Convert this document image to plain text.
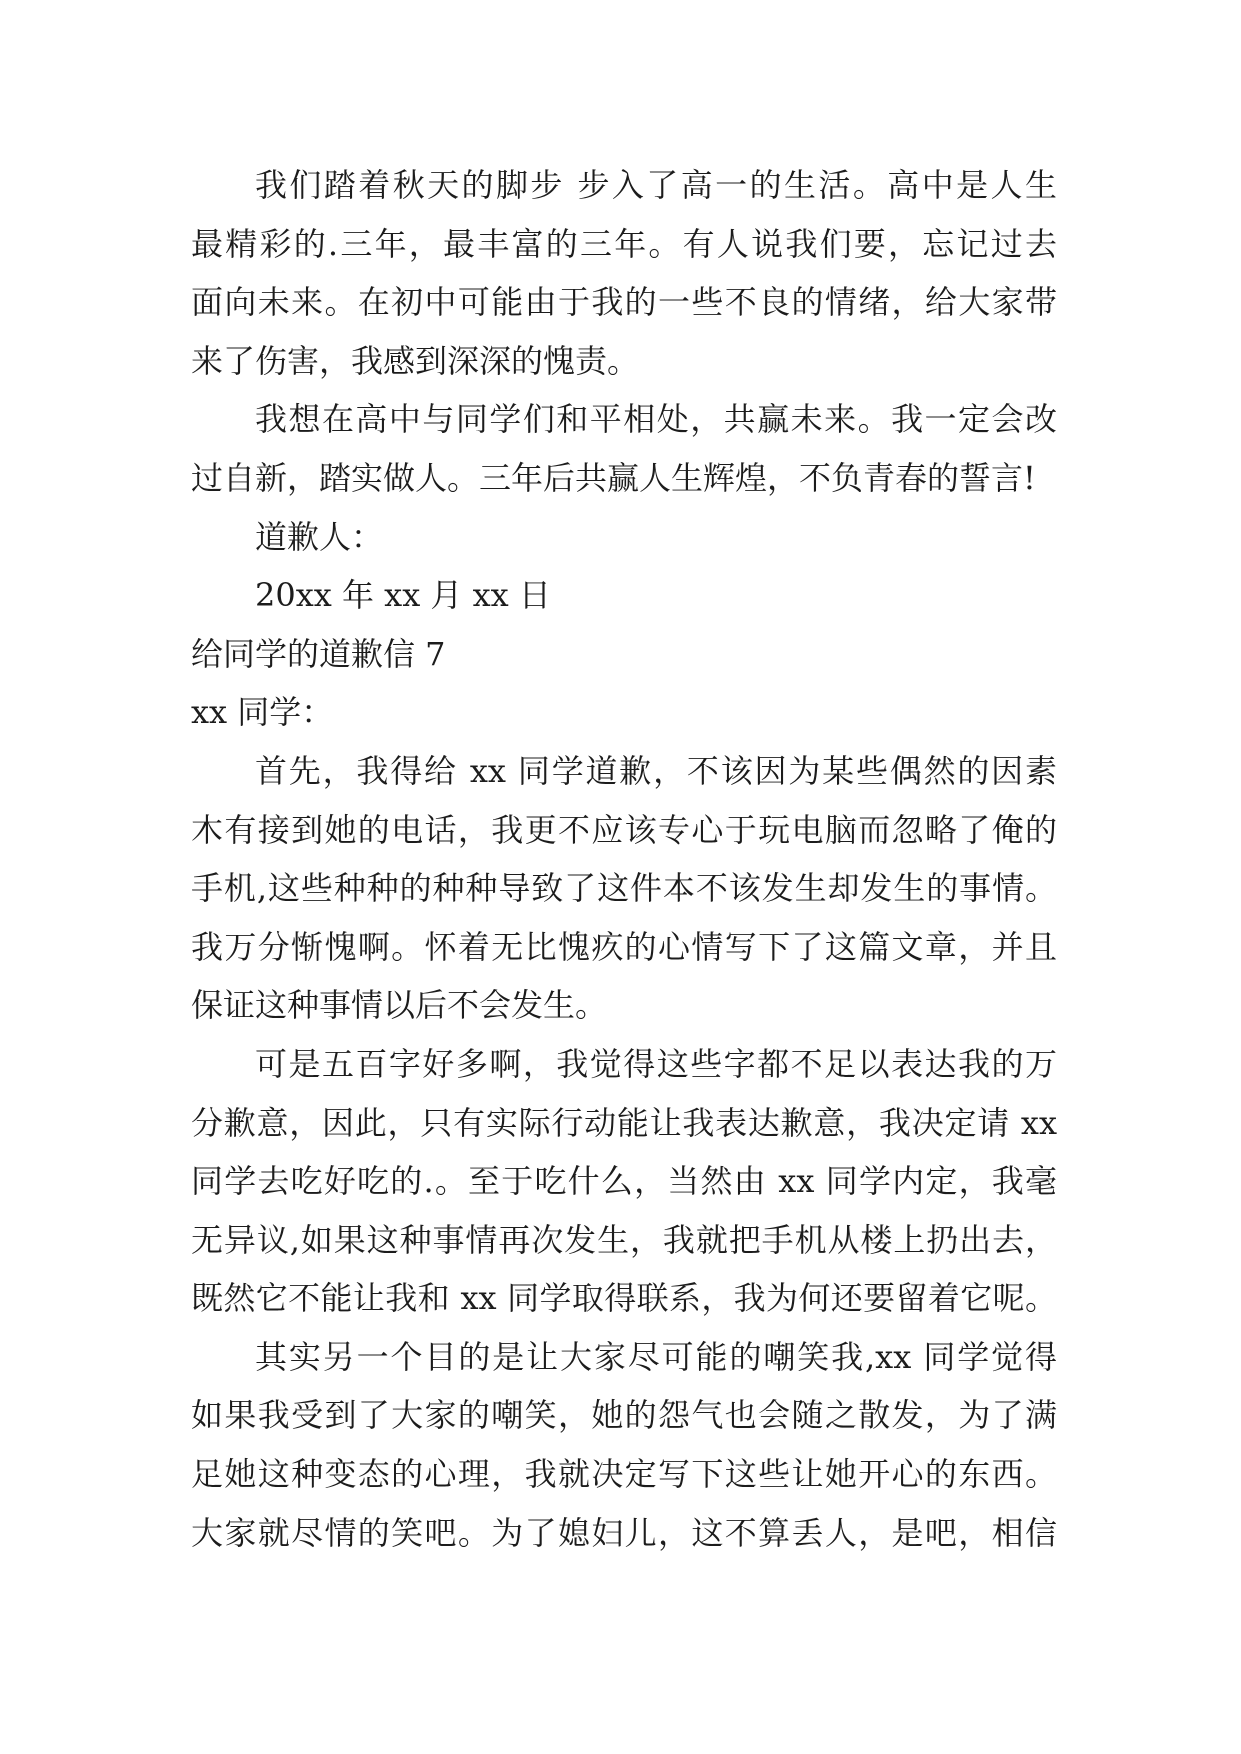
我们踏着秋天的脚步 步入了高一的生活。高中是人生
最精彩的.三年，最丰富的三年。有人说我们要，忘记过去
面向未来。在初中可能由于我的一些不良的情绪，给大家带
来了伤害，我感到深深的愧责。
我想在高中与同学们和平相处，共赢未来。我一定会改
过自新，踏实做人。三年后共赢人生辉煌，不负青春的誓言!
道歉人：
20xx 年 xx 月 xx 日
给同学的道歉信 7
xx 同学：
首先，我得给 xx 同学道歉，不该因为某些偶然的因素
木有接到她的电话，我更不应该专心于玩电脑而忽略了俺的
手机,这些种种的种种导致了这件本不该发生却发生的事情。
我万分惭愧啊。怀着无比愧疚的心情写下了这篇文章，并且
保证这种事情以后不会发生。
可是五百字好多啊，我觉得这些字都不足以表达我的万
分歉意，因此，只有实际行动能让我表达歉意，我决定请 xx
同学去吃好吃的.。至于吃什么，当然由 xx 同学内定，我毫
无异议,如果这种事情再次发生，我就把手机从楼上扔出去，
既然它不能让我和 xx 同学取得联系，我为何还要留着它呢。
其实另一个目的是让大家尽可能的嘲笑我,xx 同学觉得
如果我受到了大家的嘲笑，她的怨气也会随之散发，为了满
足她这种变态的心理，我就决定写下这些让她开心的东西。
大家就尽情的笑吧。为了媳妇儿，这不算丢人，是吧，相信
